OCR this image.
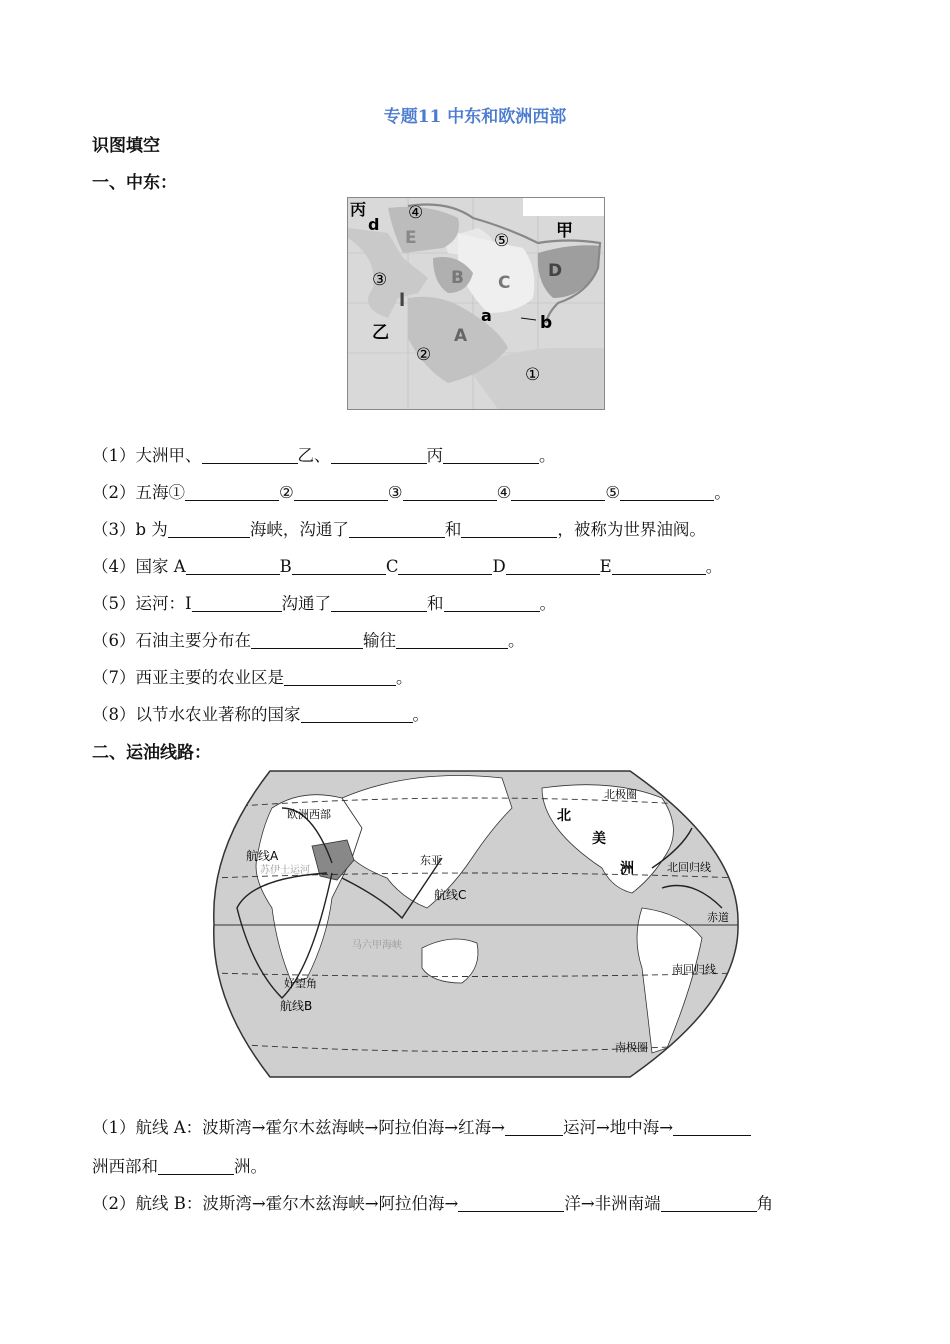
专题11 中东和欧洲西部
识图填空
一、中东：
丙
d
④
E	⑤	甲
③	B C
D
l
乙
a	b
A
②
①
（1）大洲甲、	乙、	丙	。
（2）五海①	②	③	④	⑤	。
（3）b 为	海峡，沟通了	和	，被称为世界油阀。
（4）国家 A	B	C	D	E	。
（5）运河：I	沟通了	和	。
（6）石油主要分布在	输往	。
（7）西亚主要的农业区是	。
（8）以节水农业著称的国家	。
二、运油线路：
北极圈
欧洲西部
航线A
苏伊士运河
东亚
航线C
北
美
洲	北回归线
赤道
马六甲海峡
好望角
航线B
南回归线
南极圈
（1）航线 A：波斯湾→霍尔木兹海峡→阿拉伯海→红海→	运河→地中海→
洲西部和	洲。
（2）航线 B：波斯湾→霍尔木兹海峡→阿拉伯海→	洋→非洲南端	角
